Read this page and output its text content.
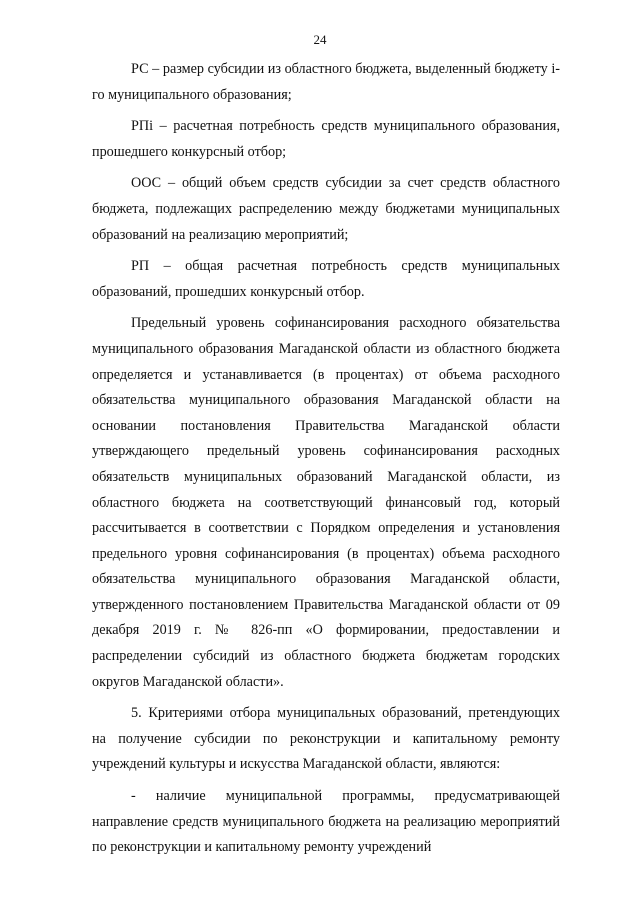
24

РС – размер субсидии из областного бюджета, выделенный бюджету i-го муниципального образования;

РПi – расчетная потребность средств муниципального образования, прошедшего конкурсный отбор;

ООС – общий объем средств субсидии за счет средств областного бюджета, подлежащих распределению между бюджетами муниципальных образований на реализацию мероприятий;

РП – общая расчетная потребность средств муниципальных образований, прошедших конкурсный отбор.

Предельный уровень софинансирования расходного обязательства муниципального образования Магаданской области из областного бюджета определяется и устанавливается (в процентах) от объема расходного обязательства муниципального образования Магаданской области на основании постановления Правительства Магаданской области утверждающего предельный уровень софинансирования расходных обязательств муниципальных образований Магаданской области, из областного бюджета на соответствующий финансовый год, который рассчитывается в соответствии с Порядком определения и установления предельного уровня софинансирования (в процентах) объема расходного обязательства муниципального образования Магаданской области, утвержденного постановлением Правительства Магаданской области от 09 декабря 2019 г. № 826-пп «О формировании, предоставлении и распределении субсидий из областного бюджета бюджетам городских округов Магаданской области».

5. Критериями отбора муниципальных образований, претендующих на получение субсидии по реконструкции и капитальному ремонту учреждений культуры и искусства Магаданской области, являются:

- наличие муниципальной программы, предусматривающей направление средств муниципального бюджета на реализацию мероприятий по реконструкции и капитальному ремонту учреждений
